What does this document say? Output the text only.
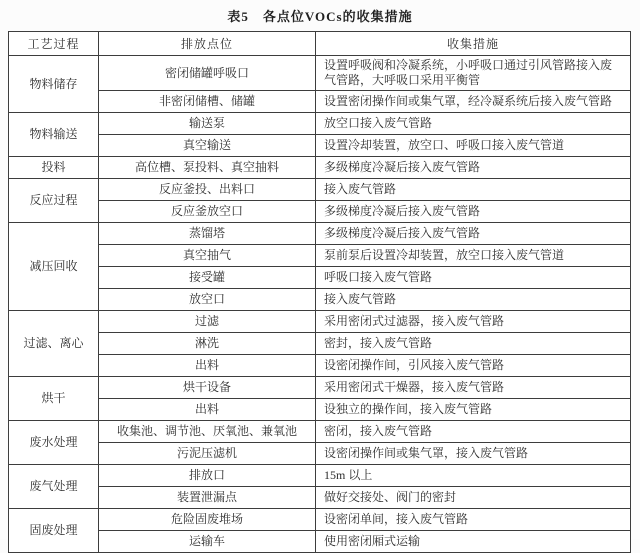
表5　各点位VOCs的收集措施
工艺过程	排放点位	收集措施
物料储存	密闭储罐呼吸口	设置呼吸阀和冷凝系统，小呼吸口通过引风管路接入废气管路，大呼吸口采用平衡管
	非密闭储槽、储罐	设置密闭操作间或集气罩，经冷凝系统后接入废气管路
物料输送	输送泵	放空口接入废气管路
	真空输送	设置冷却装置，放空口、呼吸口接入废气管道
投料	高位槽、泵投料、真空抽料	多级梯度冷凝后接入废气管路
反应过程	反应釜投、出料口	接入废气管路
	反应釜放空口	多级梯度冷凝后接入废气管路
减压回收	蒸馏塔	多级梯度冷凝后接入废气管路
	真空抽气	泵前泵后设置冷却装置，放空口接入废气管道
	接受罐	呼吸口接入废气管路
	放空口	接入废气管路
过滤、离心	过滤	采用密闭式过滤器，接入废气管路
	淋洗	密封，接入废气管路
	出料	设密闭操作间，引风接入废气管路
烘干	烘干设备	采用密闭式干燥器，接入废气管路
	出料	设独立的操作间，接入废气管路
废水处理	收集池、调节池、厌氧池、兼氧池	密闭，接入废气管路
	污泥压滤机	设密闭操作间或集气罩，接入废气管路
废气处理	排放口	15m 以上
	装置泄漏点	做好交接处、阀门的密封
固废处理	危险固废堆场	设密闭单间，接入废气管路
	运输车	使用密闭厢式运输
